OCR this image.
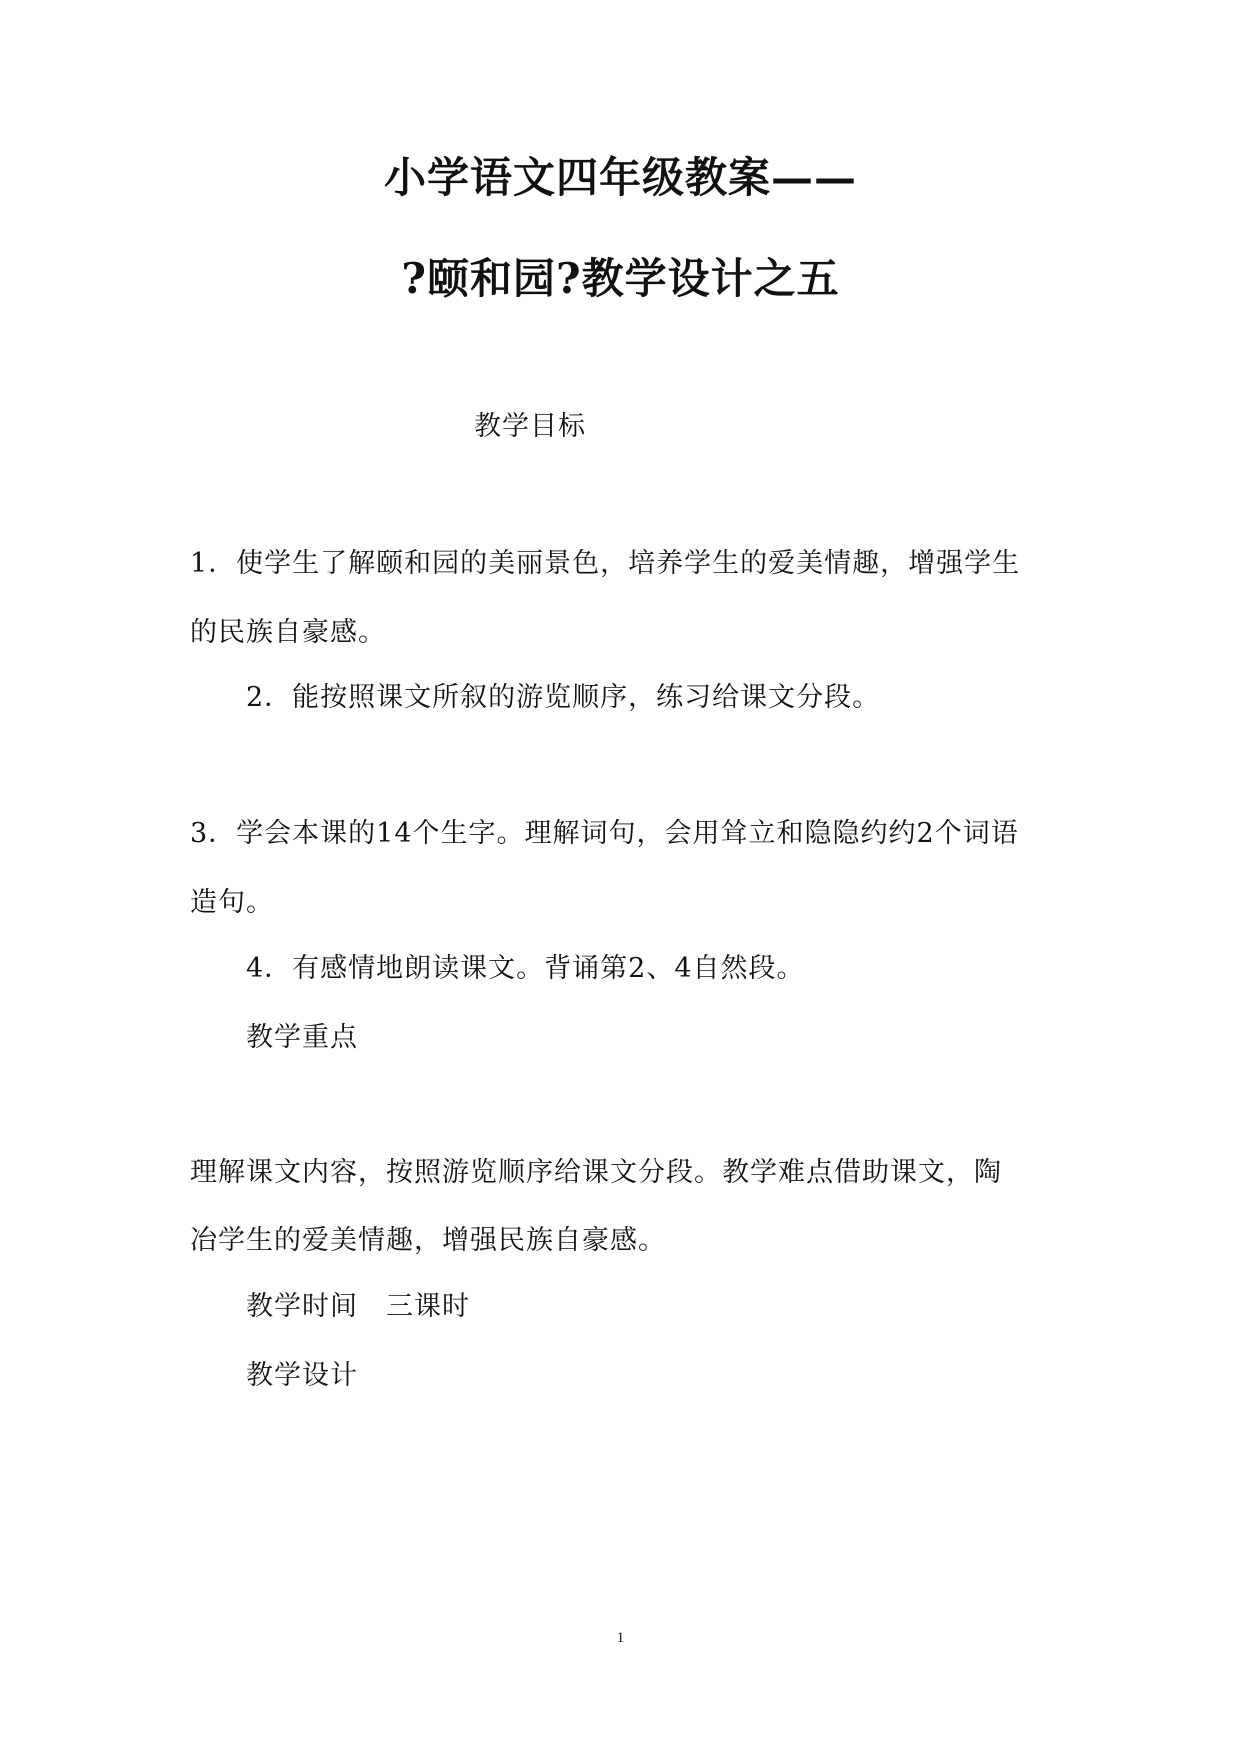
小学语文四年级教案——
?颐和园?教学设计之五
教学目标
1．使学生了解颐和园的美丽景色，培养学生的爱美情趣，增强学生
的民族自豪感。
2．能按照课文所叙的游览顺序，练习给课文分段。
3．学会本课的14个生字。理解词句，会用耸立和隐隐约约2个词语
造句。
4．有感情地朗读课文。背诵第2、4自然段。
教学重点
理解课文内容，按照游览顺序给课文分段。教学难点借助课文，陶
冶学生的爱美情趣，增强民族自豪感。
教学时间　三课时
教学设计
1
